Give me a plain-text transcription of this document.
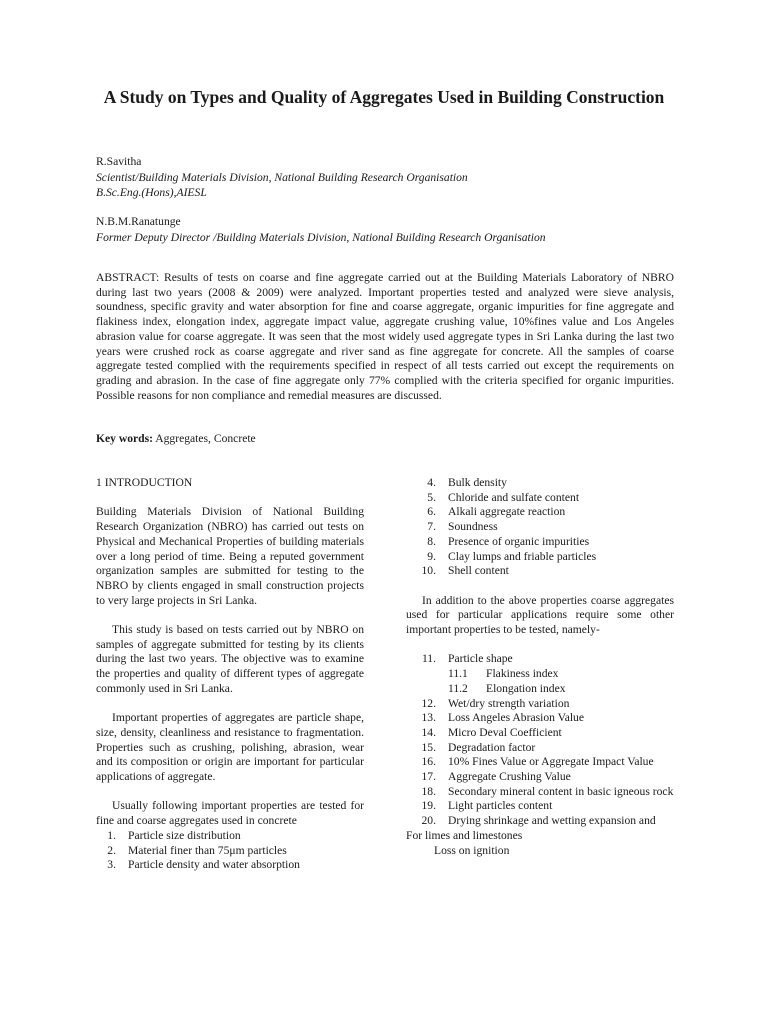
A Study on Types and Quality of Aggregates Used in Building Construction
R.Savitha
Scientist/Building Materials Division, National Building Research Organisation
B.Sc.Eng.(Hons),AIESL
N.B.M.Ranatunge
Former Deputy Director /Building Materials Division, National Building Research Organisation
ABSTRACT: Results of tests on coarse and fine aggregate carried out at the Building Materials Laboratory of NBRO during last two years (2008 & 2009) were analyzed. Important properties tested and analyzed were sieve analysis, soundness, specific gravity and water absorption for fine and coarse aggregate, organic impurities for fine aggregate and flakiness index, elongation index, aggregate impact value, aggregate crushing value, 10%fines value and Los Angeles abrasion value for coarse aggregate. It was seen that the most widely used aggregate types in Sri Lanka during the last two years were crushed rock as coarse aggregate and river sand as fine aggregate for concrete. All the samples of coarse aggregate tested complied with the requirements specified in respect of all tests carried out except the requirements on grading and abrasion. In the case of fine aggregate only 77% complied with the criteria specified for organic impurities. Possible reasons for non compliance and remedial measures are discussed.
Key words: Aggregates, Concrete

1 INTRODUCTION

Building Materials Division of National Building Research Organization (NBRO) has carried out tests on Physical and Mechanical Properties of building materials over a long period of time. Being a reputed government organization samples are submitted for testing to the NBRO by clients engaged in small construction projects to very large projects in Sri Lanka.

This study is based on tests carried out by NBRO on samples of aggregate submitted for testing by its clients during the last two years. The objective was to examine the properties and quality of different types of aggregate commonly used in Sri Lanka.

Important properties of aggregates are particle shape, size, density, cleanliness and resistance to fragmentation. Properties such as crushing, polishing, abrasion, wear and its composition or origin are important for particular applications of aggregate.

Usually following important properties are tested for fine and coarse aggregates used in concrete

1.	Particle size distribution
2.	Material finer than 75μm particles
3.	Particle density and water absorption
4.	Bulk density
5.	Chloride and sulfate content
6.	Alkali aggregate reaction
7.	Soundness
8.	Presence of organic impurities
9.	Clay lumps and friable particles
10.	Shell content

In addition to the above properties coarse aggregates used for particular applications require some other important properties to be tested, namely-

11.	Particle shape
11.1	Flakiness index
11.2	Elongation index
12.	Wet/dry strength variation
13.	Loss Angeles Abrasion Value
14.	Micro Deval Coefficient
15.	Degradation factor
16.	10% Fines Value or Aggregate Impact Value
17.	Aggregate Crushing Value
18.	Secondary mineral content in basic igneous rock
19.	Light particles content
20.	Drying shrinkage and wetting expansion and
For limes and limestones
Loss on ignition
